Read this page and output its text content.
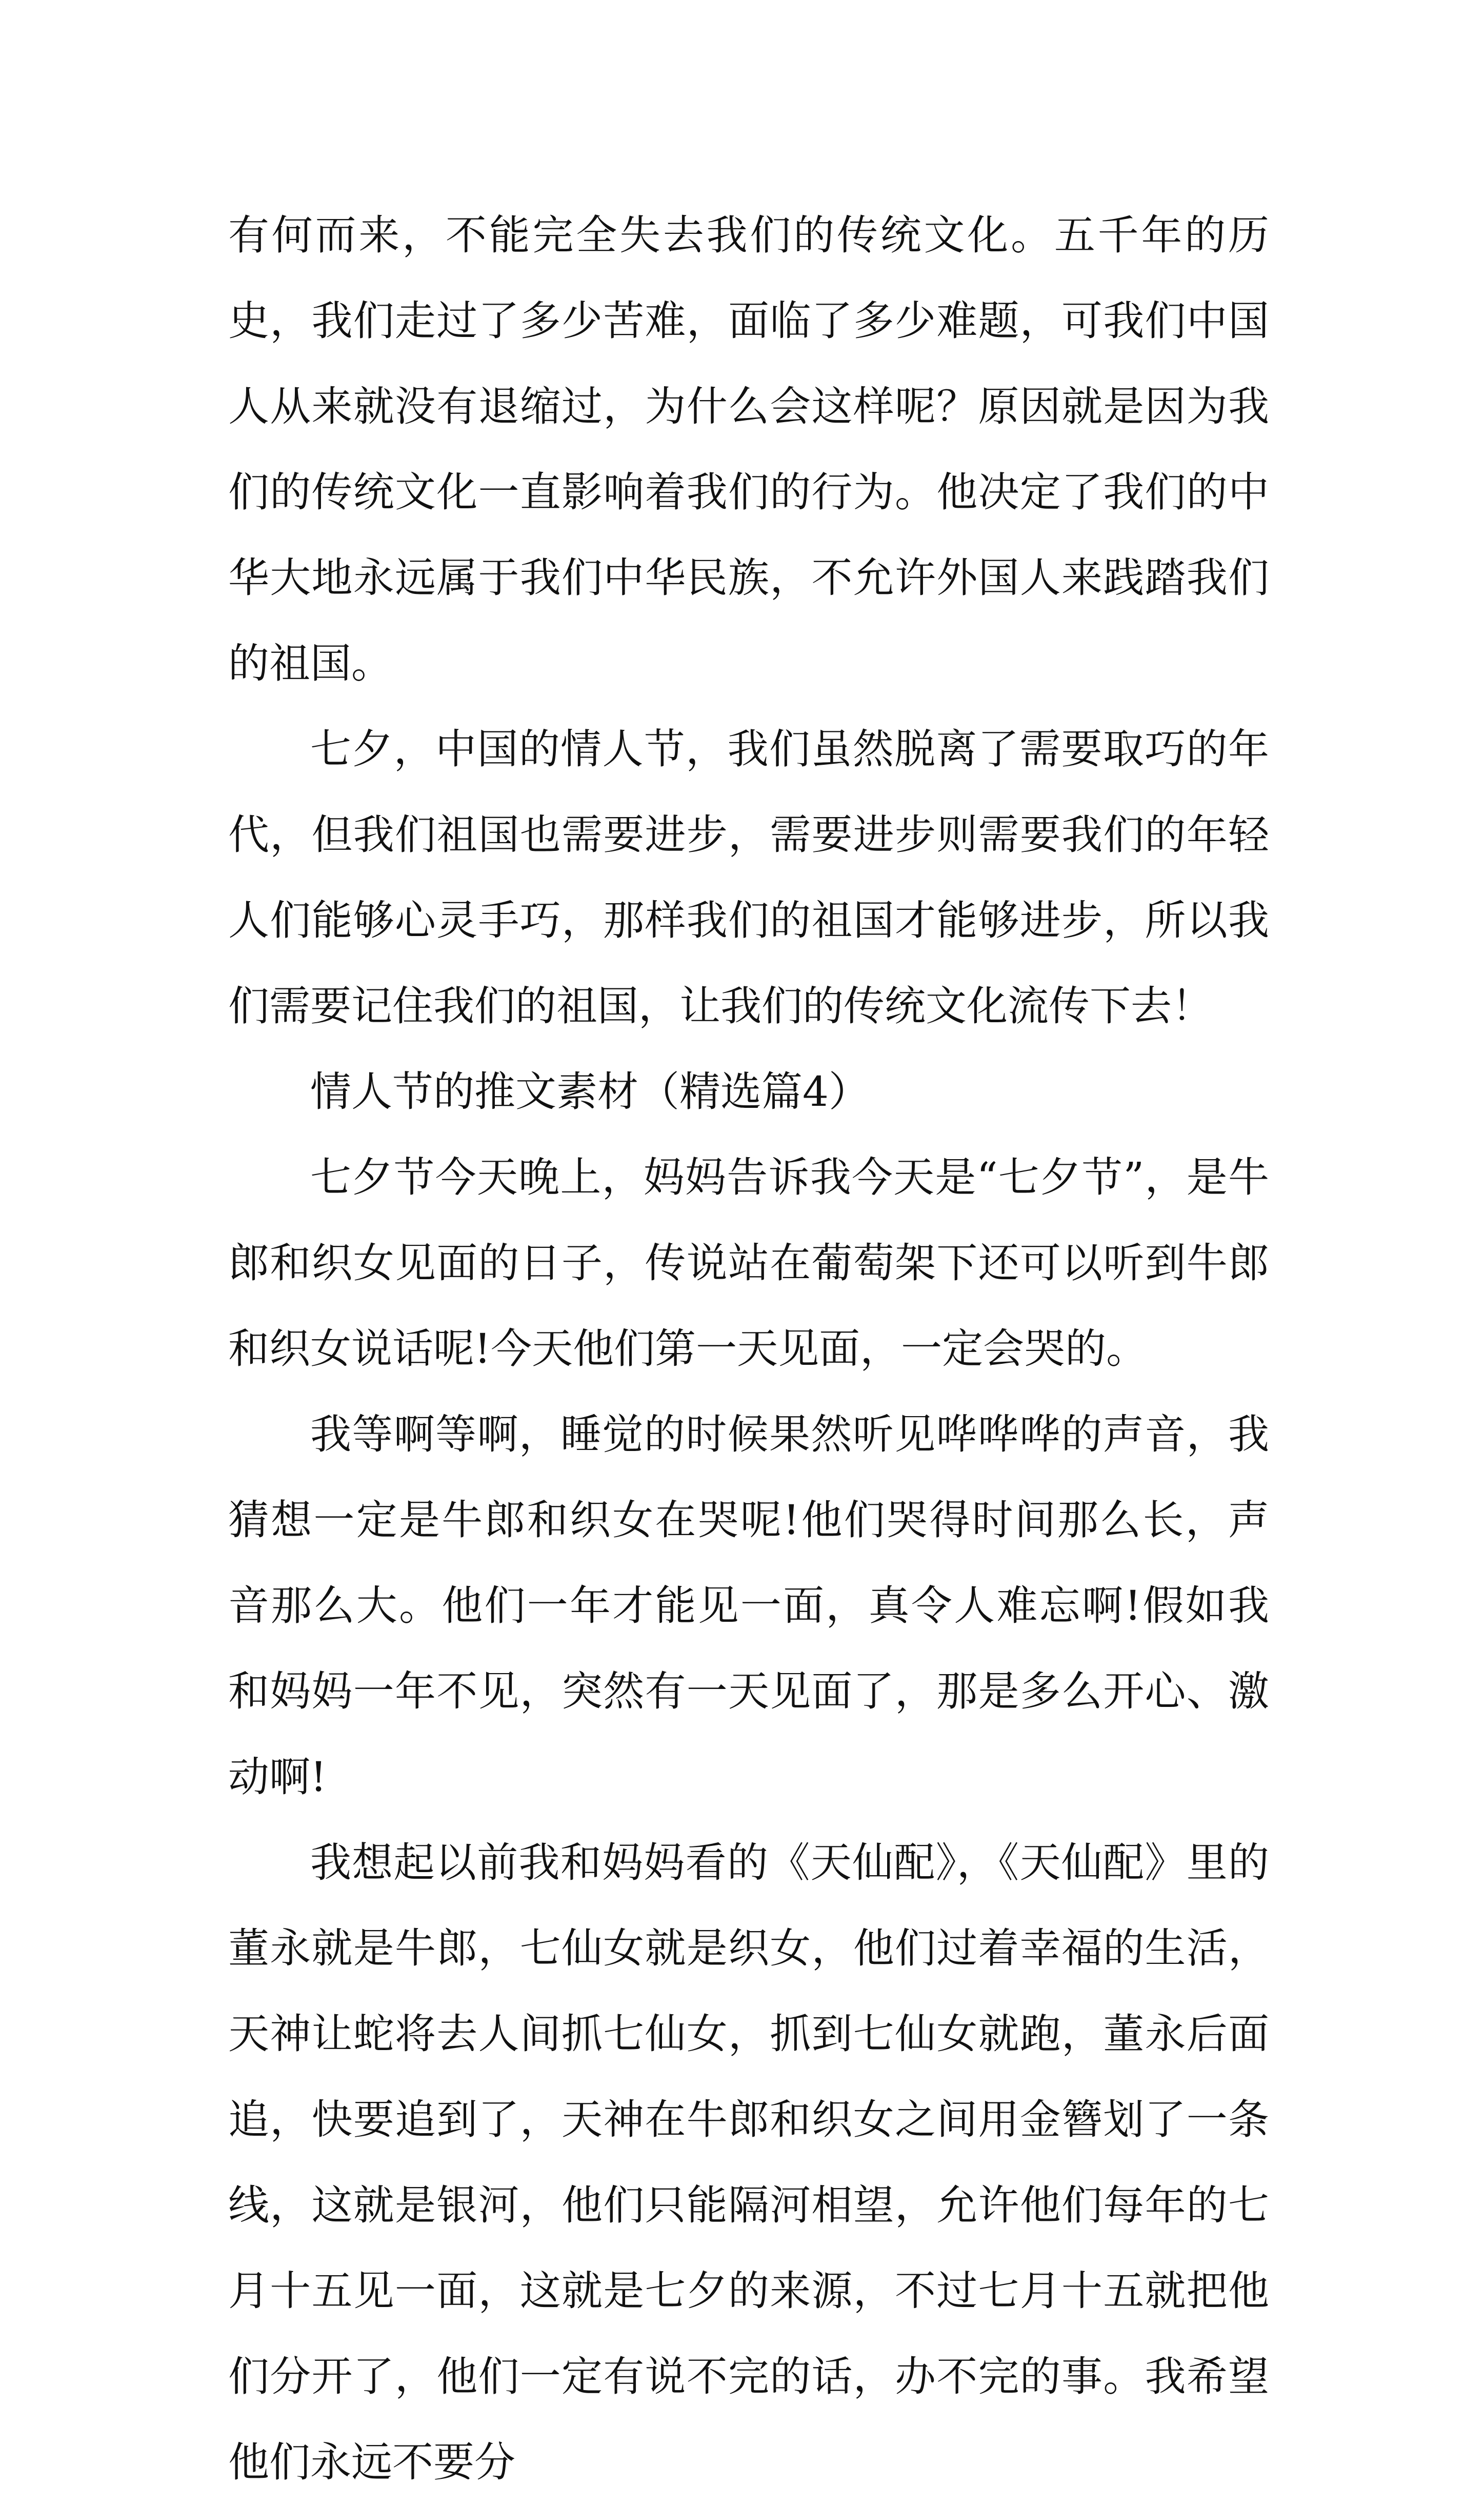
有何而来，不能完全失去我们的传统文化。五千年的历史，我们走过了多少苦难，面临了多少难题，可我们中国人从来就没有退缩过，为什么会这样呢？原因就是因为我们的传统文化一直影响着我们的行为。他决定了我们的中华大地永远属于我们中华民族，不允许外国人来践踏我们的祖国。

七夕，中国的情人节，我们虽然脱离了需要取巧的年代，但我们祖国也需要进步，需要进步则需要我们的年轻人们能够心灵手巧，那样我们的祖国才能够进步，所以我们需要记住我们的祖国，让我们的传统文化流传下去！

情人节的推文素材（精选篇4）

七夕节今天晚上，妈妈告诉我今天是“七夕节”，是牛郎和织女见面的日子，传说站在葡萄架下还可以听到牛郎和织女说话呢!今天他们第一天见面，一定会哭的。

我等啊等啊，睡觉的时候果然听见哗哗哗的声音，我猜想一定是牛郎和织女在哭呢!他们哭得时间那么长，声音那么大。他们一年才能见一面，真令人难忘啊!假如我和妈妈一年不见，突然有一天见面了，那是多么开心、激动啊!

我想起以前我和妈妈看的《天仙配》，《天仙配》里的董永就是牛郎，七仙女就是织女，他们过着幸福的生活，天神让蛇将去人间抓七仙女，抓到七仙女就跑，董永后面追，快要追到了，天神在牛郎和织女之间用金簪划了一条线，这就是银河，他们只能隔河相望，允许他们每年的七月十五见一面，这就是七夕的来源，不过七月十五就把他们分开了，他们一定有说不完的话，办不完的事。我希望他们永远不要分
